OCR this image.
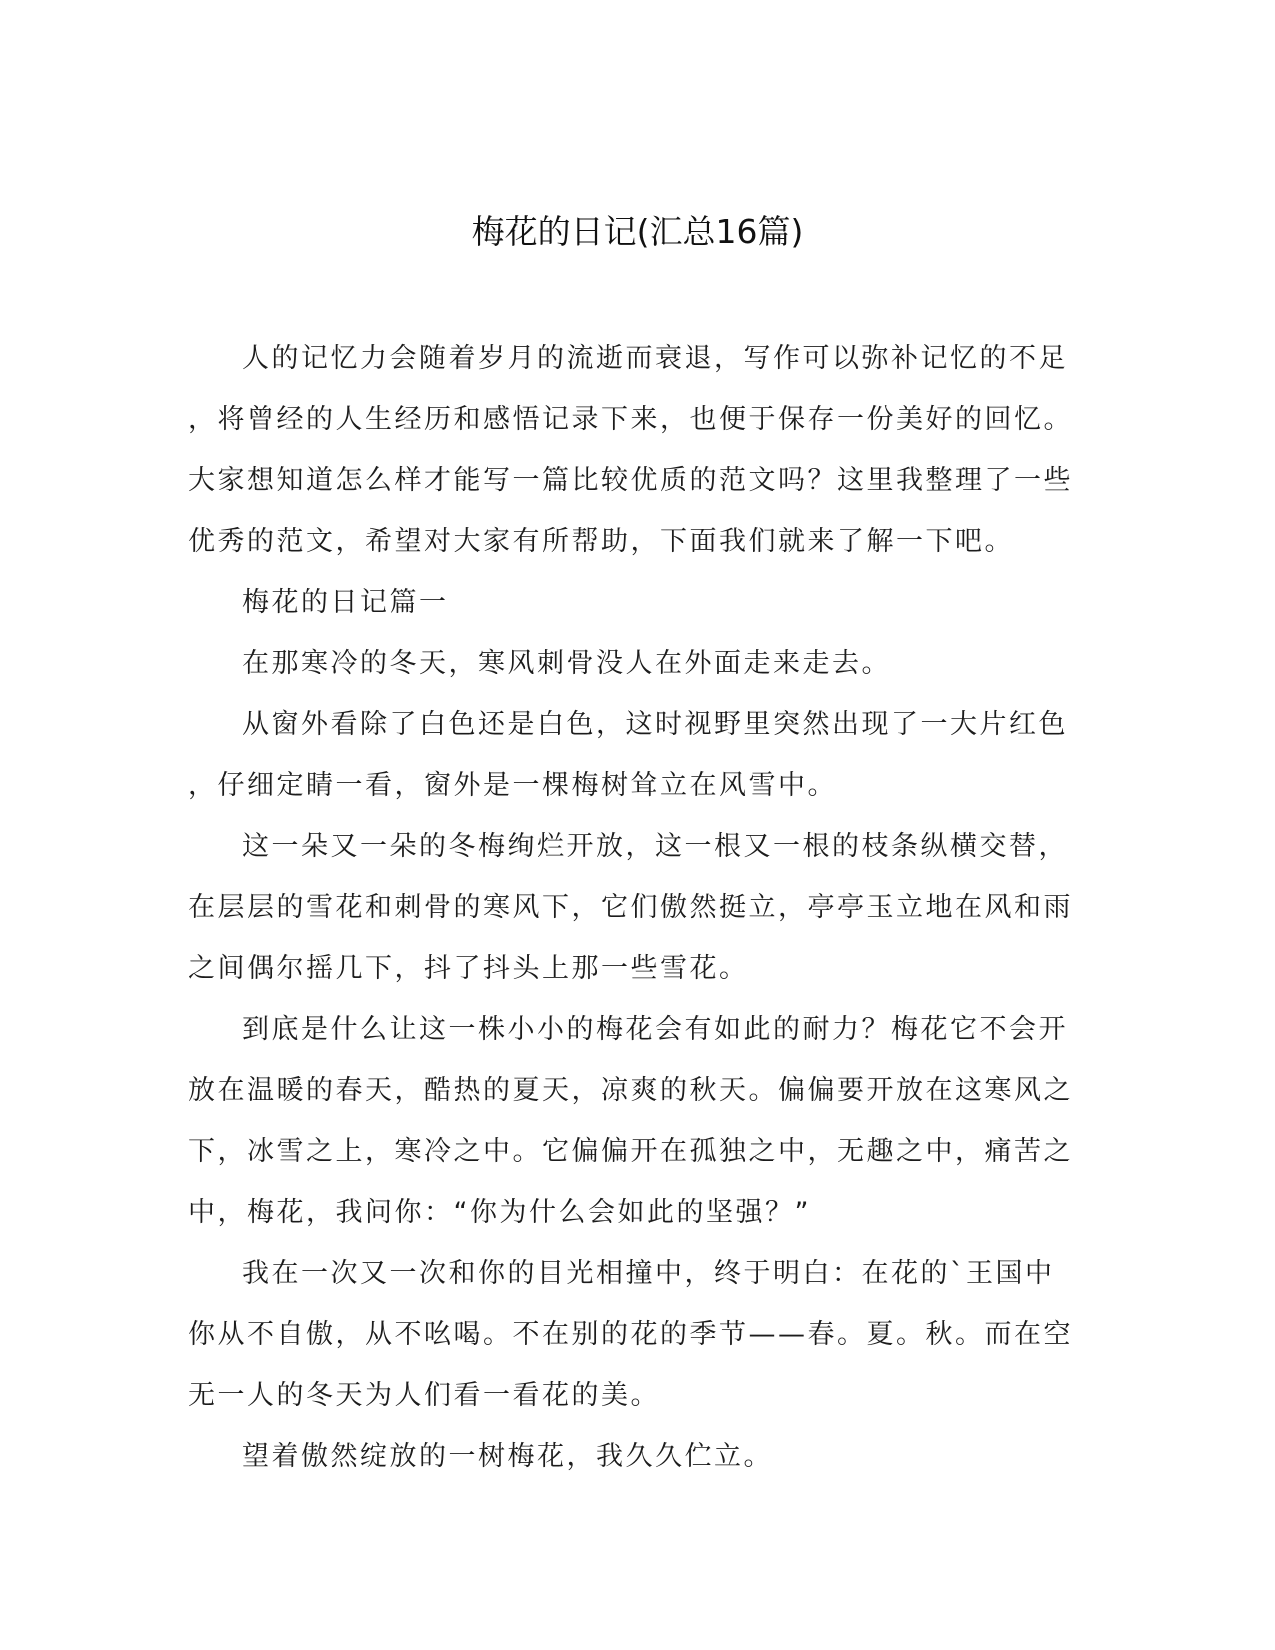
梅花的日记(汇总16篇)

人的记忆力会随着岁月的流逝而衰退，写作可以弥补记忆的不足
，将曾经的人生经历和感悟记录下来，也便于保存一份美好的回忆。
大家想知道怎么样才能写一篇比较优质的范文吗？这里我整理了一些
优秀的范文，希望对大家有所帮助，下面我们就来了解一下吧。

梅花的日记篇一

在那寒冷的冬天，寒风刺骨没人在外面走来走去。

从窗外看除了白色还是白色，这时视野里突然出现了一大片红色
，仔细定睛一看，窗外是一棵梅树耸立在风雪中。

这一朵又一朵的冬梅绚烂开放，这一根又一根的枝条纵横交替，
在层层的雪花和刺骨的寒风下，它们傲然挺立，亭亭玉立地在风和雨
之间偶尔摇几下，抖了抖头上那一些雪花。

到底是什么让这一株小小的梅花会有如此的耐力？梅花它不会开
放在温暖的春天，酷热的夏天，凉爽的秋天。偏偏要开放在这寒风之
下，冰雪之上，寒冷之中。它偏偏开在孤独之中，无趣之中，痛苦之
中，梅花，我问你：“你为什么会如此的坚强？”

我在一次又一次和你的目光相撞中，终于明白：在花的`王国中
你从不自傲，从不吆喝。不在别的花的季节——春。夏。秋。而在空
无一人的冬天为人们看一看花的美。

望着傲然绽放的一树梅花，我久久伫立。
